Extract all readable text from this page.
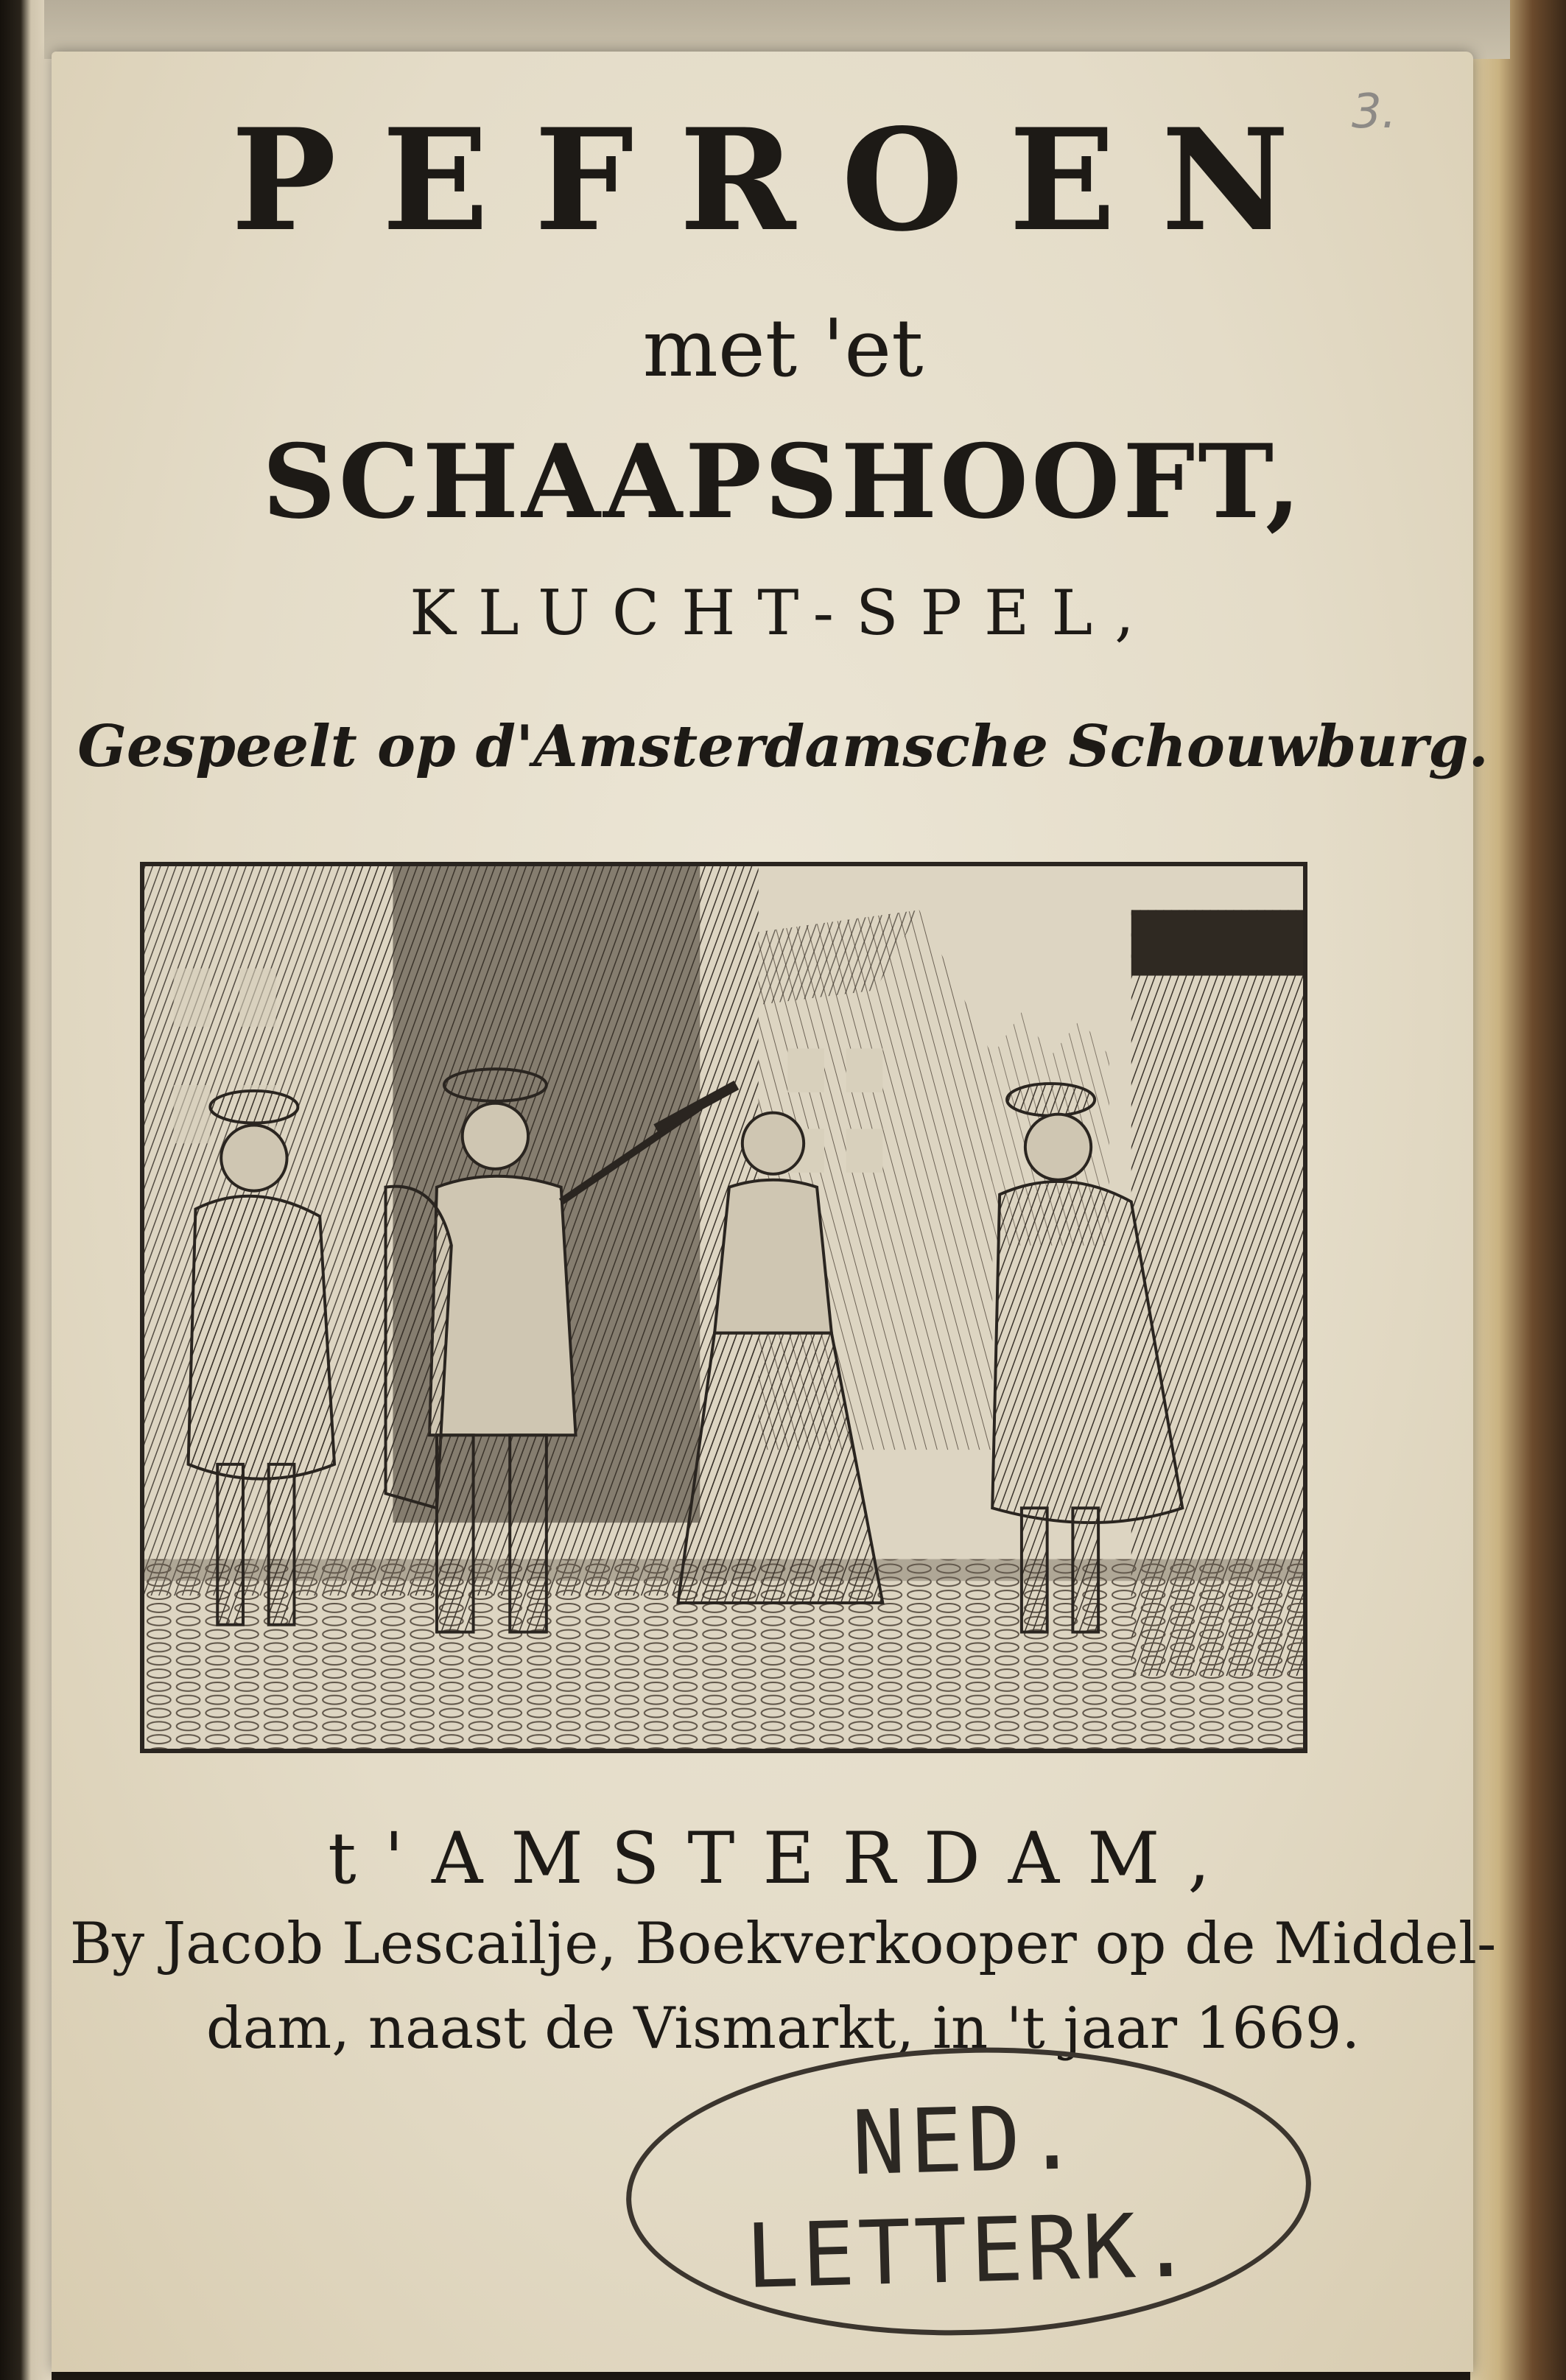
3.
PEFROEN
met 'et
SCHAAPSHOOFT,
KLUCHT-SPEL,
Gespeelt op d'Amsterdamsche Schouwburg.
t'AMSTERDAM,
By Jacob Lescailje, Boekverkooper op de Middel-
dam, naast de Vismarkt, in 't jaar 1669.
NED.
LETTERK.
